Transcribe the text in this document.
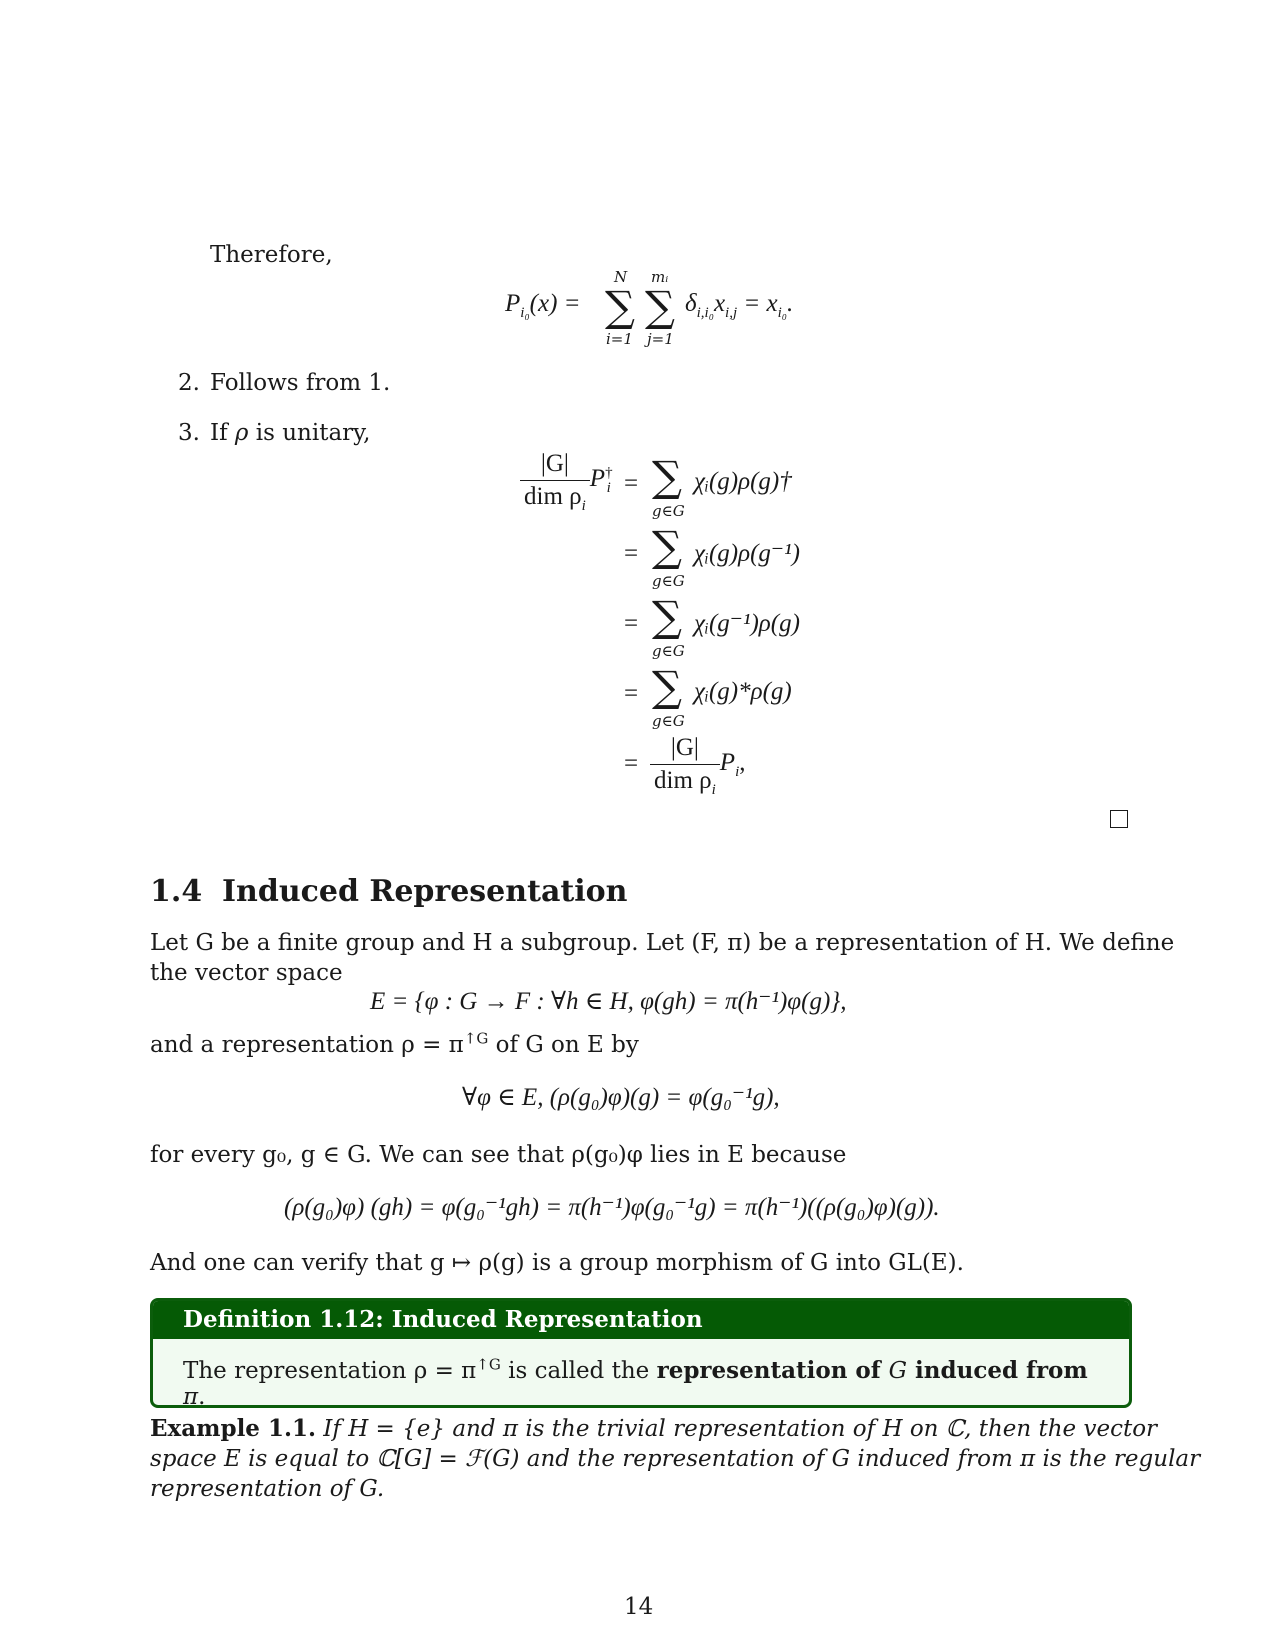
Therefore,
$P_{i_0}(x)$ =
N
∑
i=1
mᵢ
∑
j=1
$\delta_{i,i_0}x_{i,j} = x_{i_0}$.
2. Follows from 1.
3. If ρ is unitary,
$\frac{|G|}{dim \rho_i} P^\dagger_i$ = ∑
g∈G
χᵢ(g)ρ(g)†
= ∑
g∈G
χᵢ(g)ρ(g⁻¹)
= ∑
g∈G
χᵢ(g⁻¹)ρ(g)
= ∑
g∈G
χᵢ(g)*ρ(g)
= $\frac{|G|}{dim \rho_i} P_i$,
1.4 Induced Representation
Let G be a finite group and H a subgroup. Let (F, π) be a representation of H. We define
the vector space
E = {φ : G → F : ∀h ∈ H, φ(gh) = π(h⁻¹)φ(g)},
and a representation $\rho = \pi^{↑G}$ of G on E by
∀φ ∈ E, (ρ(g₀)φ)(g) = φ(g₀⁻¹g),
for every g₀, g ∈ G. We can see that ρ(g₀)φ lies in E because
(ρ(g₀)φ) (gh) = φ(g₀⁻¹gh) = π(h⁻¹)φ(g₀⁻¹g) = π(h⁻¹)((ρ(g₀)φ)(g)).
And one can verify that g ↦ ρ(g) is a group morphism of G into GL(E).
Definition 1.12: Induced Representation
The representation $\rho = \pi^{↑G}$ is called the representation of G induced from π.
Example 1.1. If H = {e} and π is the trivial representation of H on ℂ, then the vector
space E is equal to ℂ[G] = ℱ(G) and the representation of G induced from π is the regular
representation of G.
14
